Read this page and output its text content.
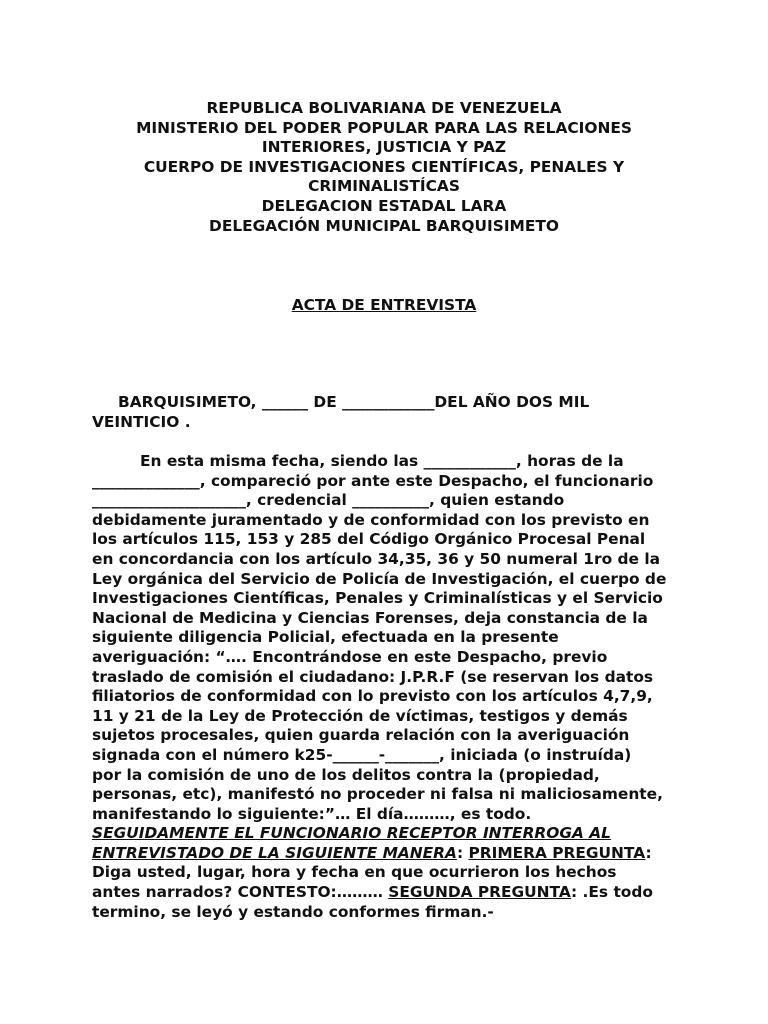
REPUBLICA BOLIVARIANA DE VENEZUELA
MINISTERIO DEL PODER POPULAR PARA LAS RELACIONES
INTERIORES, JUSTICIA Y PAZ
CUERPO DE INVESTIGACIONES CIENTÍFICAS, PENALES Y
CRIMINALISTÍCAS
DELEGACION ESTADAL LARA
DELEGACIÓN MUNICIPAL BARQUISIMETO
ACTA DE ENTREVISTA
BARQUISIMETO, ______ DE ____________DEL AÑO DOS MIL
VEINTICIO .
En esta misma fecha, siendo las ____________, horas de la
______________, compareció por ante este Despacho, el funcionario
____________________, credencial __________, quien estando
debidamente juramentado y de conformidad con los previsto en
los artículos 115, 153 y 285 del Código Orgánico Procesal Penal
en concordancia con los artículo 34,35, 36 y 50 numeral 1ro de la
Ley orgánica del Servicio de Policía de Investigación, el cuerpo de
Investigaciones Científicas, Penales y Criminalísticas y el Servicio
Nacional de Medicina y Ciencias Forenses, deja constancia de la
siguiente diligencia Policial, efectuada en la presente
averiguación: “…. Encontrándose en este Despacho, previo
traslado de comisión el ciudadano: J.P.R.F (se reservan los datos
filiatorios de conformidad con lo previsto con los artículos 4,7,9,
11 y 21 de la Ley de Protección de víctimas, testigos y demás
sujetos procesales, quien guarda relación con la averiguación
signada con el número k25-______-_______, iniciada (o instruída)
por la comisión de uno de los delitos contra la (propiedad,
personas, etc), manifestó no proceder ni falsa ni maliciosamente,
manifestando lo siguiente:”… El día………, es todo.
SEGUIDAMENTE EL FUNCIONARIO RECEPTOR INTERROGA AL
ENTREVISTADO DE LA SIGUIENTE MANERA: PRIMERA PREGUNTA:
Diga usted, lugar, hora y fecha en que ocurrieron los hechos
antes narrados? CONTESTO:……… SEGUNDA PREGUNTA: .Es todo
termino, se leyó y estando conformes firman.-
